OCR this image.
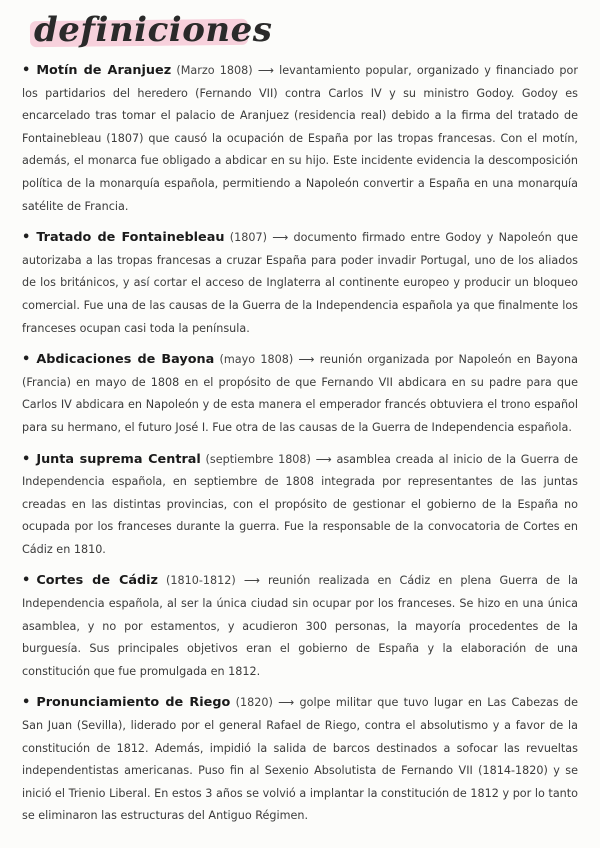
definiciones

• Motín de Aranjuez (Marzo 1808) ⟶ levantamiento popular, organizado y financiado por los partidarios del heredero (Fernando VII) contra Carlos IV y su ministro Godoy. Godoy es encarcelado tras tomar el palacio de Aranjuez (residencia real) debido a la firma del tratado de Fontainebleau (1807) que causó la ocupación de España por las tropas francesas. Con el motín, además, el monarca fue obligado a abdicar en su hijo. Este incidente evidencia la descomposición política de la monarquía española, permitiendo a Napoleón convertir a España en una monarquía satélite de Francia.

• Tratado de Fontainebleau (1807) ⟶ documento firmado entre Godoy y Napoleón que autorizaba a las tropas francesas a cruzar España para poder invadir Portugal, uno de los aliados de los británicos, y así cortar el acceso de Inglaterra al continente europeo y producir un bloqueo comercial. Fue una de las causas de la Guerra de la Independencia española ya que finalmente los franceses ocupan casi toda la península.

• Abdicaciones de Bayona (mayo 1808) ⟶ reunión organizada por Napoleón en Bayona (Francia) en mayo de 1808 en el propósito de que Fernando VII abdicara en su padre para que Carlos IV abdicara en Napoleón y de esta manera el emperador francés obtuviera el trono español para su hermano, el futuro José I. Fue otra de las causas de la Guerra de Independencia española.

• Junta suprema Central (septiembre 1808) ⟶ asamblea creada al inicio de la Guerra de Independencia española, en septiembre de 1808 integrada por representantes de las juntas creadas en las distintas provincias, con el propósito de gestionar el gobierno de la España no ocupada por los franceses durante la guerra. Fue la responsable de la convocatoria de Cortes en Cádiz en 1810.

• Cortes de Cádiz (1810-1812) ⟶ reunión realizada en Cádiz en plena Guerra de la Independencia española, al ser la única ciudad sin ocupar por los franceses. Se hizo en una única asamblea, y no por estamentos, y acudieron 300 personas, la mayoría procedentes de la burguesía. Sus principales objetivos eran el gobierno de España y la elaboración de una constitución que fue promulgada en 1812.

• Pronunciamiento de Riego (1820) ⟶ golpe militar que tuvo lugar en Las Cabezas de San Juan (Sevilla), liderado por el general Rafael de Riego, contra el absolutismo y a favor de la constitución de 1812. Además, impidió la salida de barcos destinados a sofocar las revueltas independentistas americanas. Puso fin al Sexenio Absolutista de Fernando VII (1814-1820) y se inició el Trienio Liberal. En estos 3 años se volvió a implantar la constitución de 1812 y por lo tanto se eliminaron las estructuras del Antiguo Régimen.
